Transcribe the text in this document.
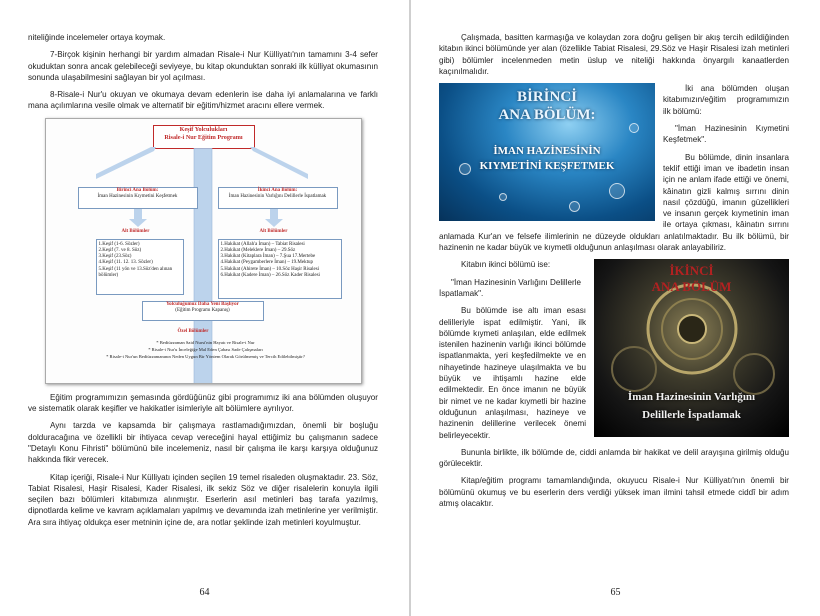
niteliğinde incelemeler ortaya koymak.

7-Birçok kişinin herhangi bir yardım almadan Risale-i Nur Külliyatı'nın tamamını 3-4 sefer okuduktan sonra ancak gelebileceği seviyeye, bu kitap okunduktan sonraki ilk külliyat okumasının sonunda ulaşabilmesini sağlayan bir yol açılması.

8-Risale-i Nur'u okuyan ve okumaya devam edenlerin ise daha iyi anlamalarına ve farklı mana açılımlarına vesile olmak ve alternatif bir eğitim/hizmet aracını ellere vermek.

Keşif Yolculukları
Risale-i Nur Eğitim Programı
Birinci Ana Bölüm:
İman Hazinesinin Kıymetini Keşfetmek
İkinci Ana Bölüm:
İman Hazinesinin Varlığını Delillerle İspatlamak
Alt Bölümler	Alt Bölümler
1.Keşif (1-6. Sözler)
2.Keşif (7. ve 8. Söz)
3.Keşif (23.Söz)
4.Keşif (11. 12. 13. Sözler)
5.Keşif (11 yön ve 13.Söz'den alınan bölümler)
1.Hakikat (Allah'a İman) – Tabiat Risalesi
2.Hakikat (Meleklere İman) – 29.Söz
3.Hakikat (Kitaplara İman) – 7.Şua 17.Mertebe
4.Hakikat (Peygamberlere İman) – 19.Mektup
5.Hakikat (Ahirete İman) – 10.Söz Haşir Risalesi
6.Hakikat (Kadere İman) – 26.Söz Kader Risalesi
Yolculuğumuz Daha Yeni Başlıyor
(Eğitim Programı Kapanış)
Özel Bölümler
* Bediüzzaman Said Nursi'nin Hayatı ve Risale-i Nur
* Risale-i Nur'u İnceleğiğe Mal Eden Çabası Sade Çalışmaları
* Risale-i Nur'un Bediüzzamanının Neden Uygun Bir Yöntem Olarak Görülmemiş ve Tercih Edilebilmiştir?

Eğitim programımızın şemasında gördüğünüz gibi programımız iki ana bölümden oluşuyor ve sistematik olarak keşifler ve hakikatler isimleriyle alt bölümlere ayrılıyor.

Aynı tarzda ve kapsamda bir çalışmaya rastlamadığımızdan, önemli bir boşluğu dolduracağına ve özellikli bir ihtiyaca cevap vereceğini hayal ettiğimiz bu çalışmanın sadece "Detaylı Konu Fihristi" bölümünü bile incelemeniz, nasıl bir çalışma ile karşı karşıya olduğunuz hakkında fikir verecek.

Kitap içeriği, Risale-i Nur Külliyatı içinden seçilen 19 temel risaleden oluşmaktadır. 23. Söz, Tabiat Risalesi, Haşir Risalesi, Kader Risalesi, ilk sekiz Söz ve diğer risalelerin konuyla ilgili seçilen bazı bölümleri kitabımıza alınmıştır. Eserlerin asıl metinleri baş tarafa yazılmış, dipnotlarda kelime ve kavram açıklamaları yapılmış ve devamında izah metinlerine yer verilmiştir. Ara sıra ihtiyaç oldukça eser metninin içine de, ara notlar şeklinde izah metinleri koyulmuştur.

64

Çalışmada, basitten karmaşığa ve kolaydan zora doğru gelişen bir akış tercih edildiğinden kitabın ikinci bölümünde yer alan (özellikle Tabiat Risalesi, 29.Söz ve Haşir Risalesi izah metinleri gibi) bölümler incelenmeden metin üslup ve niteliği hakkında önyargılı kanaatlerden kaçınılmalıdır.

BİRİNCİ
ANA BÖLÜM:
İMAN HAZİNESİNİN
KIYMETİNİ KEŞFETMEK

İki ana bölümden oluşan kitabımızın/eğitim programımızın ilk bölümü:

"İman Hazinesinin Kıymetini Keşfetmek".

Bu bölümde, dinin insanlara teklif ettiği iman ve ibadetin insan için ne anlam ifade ettiği ve önemi, kâinatın gizli kalmış sırrını dinin nasıl çözdüğü, imanın güzellikleri ve insanın gerçek kıymetinin iman ile ortaya çıkması, kâinatın sırrını anlamada Kur'an ve felsefe ilimlerinin ne düzeyde oldukları anlatılmaktadır. Bu ilk bölümü, bir hazinenin ne kadar büyük ve kıymetli olduğunun anlaşılması olarak anlayabiliriz.

İKİNCİ
ANA BÖLÜM
İman Hazinesinin Varlığını
Delillerle İspatlamak

Kitabın ikinci bölümü ise:

"İman Hazinesinin Varlığını Delillerle İspatlamak".

Bu bölümde ise altı iman esası delilleriyle ispat edilmiştir. Yani, ilk bölümde kıymeti anlaşılan, elde edilmek istenilen hazinenin varlığı ikinci bölümde ispatlanmakta, yeri keşfedilmekte ve en nihayetinde hazineye ulaşılmakta ve bu büyük ve ihtişamlı hazine elde edilmektedir. En önce imanın ne büyük bir nimet ve ne kadar kıymetli bir hazine olduğunun anlaşılması, hazineye ve hazinenin delillerine verilecek önemi belirleyecektir.

Bununla birlikte, ilk bölümde de, ciddi anlamda bir hakikat ve delil arayışına girilmiş olduğu görülecektir.

Kitap/eğitim programı tamamlandığında, okuyucu Risale-i Nur Külliyatı'nın önemli bir bölümünü okumuş ve bu eserlerin ders verdiği yüksek iman ilmini tahsil etmede ciddî bir adım atmış olacaktır.

65
